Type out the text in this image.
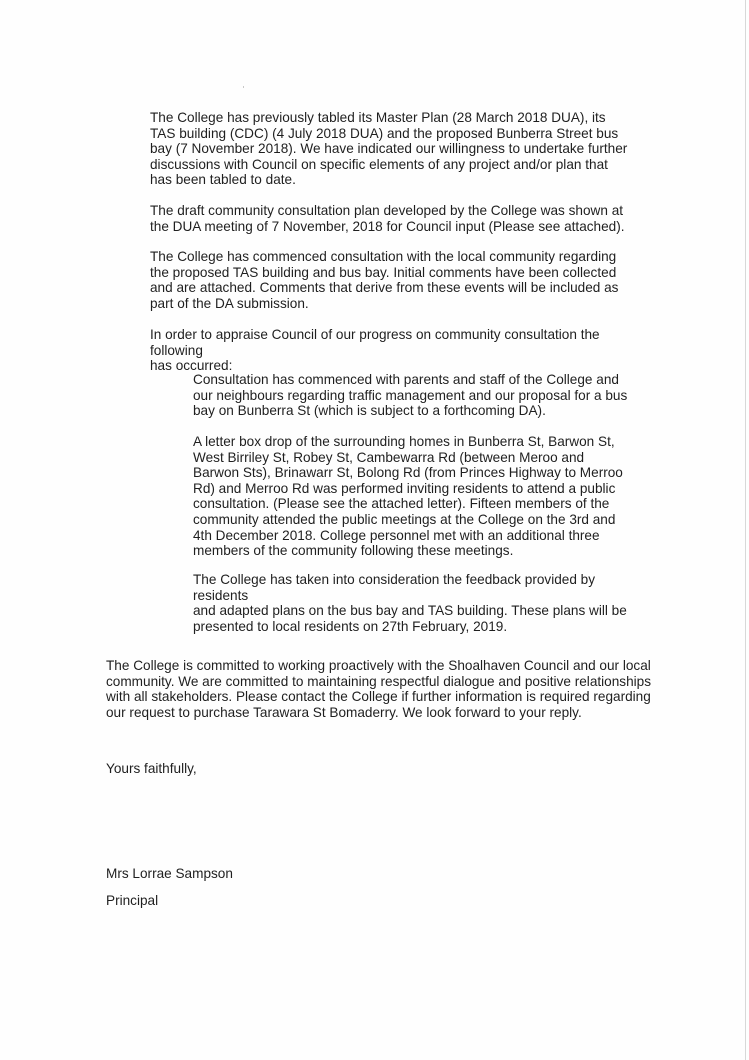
The College has previously tabled its Master Plan (28 March 2018 DUA), its
TAS building (CDC) (4 July 2018 DUA) and the proposed Bunberra Street bus
bay (7 November 2018). We have indicated our willingness to undertake further
discussions with Council on specific elements of any project and/or plan that
has been tabled to date.

The draft community consultation plan developed by the College was shown at
the DUA meeting of 7 November, 2018 for Council input (Please see attached).

The College has commenced consultation with the local community regarding
the proposed TAS building and bus bay. Initial comments have been collected
and are attached. Comments that derive from these events will be included as
part of the DA submission.

In order to appraise Council of our progress on community consultation the following
has occurred:

Consultation has commenced with parents and staff of the College and
our neighbours regarding traffic management and our proposal for a bus
bay on Bunberra St (which is subject to a forthcoming DA).

A letter box drop of the surrounding homes in Bunberra St, Barwon St,
West Birriley St, Robey St, Cambewarra Rd (between Meroo and
Barwon Sts), Brinawarr St, Bolong Rd (from Princes Highway to Merroo
Rd) and Merroo Rd was performed inviting residents to attend a public
consultation. (Please see the attached letter). Fifteen members of the
community attended the public meetings at the College on the 3rd and
4th December 2018. College personnel met with an additional three
members of the community following these meetings.

The College has taken into consideration the feedback provided by residents
and adapted plans on the bus bay and TAS building. These plans will be
presented to local residents on 27th February, 2019.

The College is committed to working proactively with the Shoalhaven Council and our local
community. We are committed to maintaining respectful dialogue and positive relationships
with all stakeholders. Please contact the College if further information is required regarding
our request to purchase Tarawara St Bomaderry. We look forward to your reply.

Yours faithfully,

Mrs Lorrae Sampson

Principal
